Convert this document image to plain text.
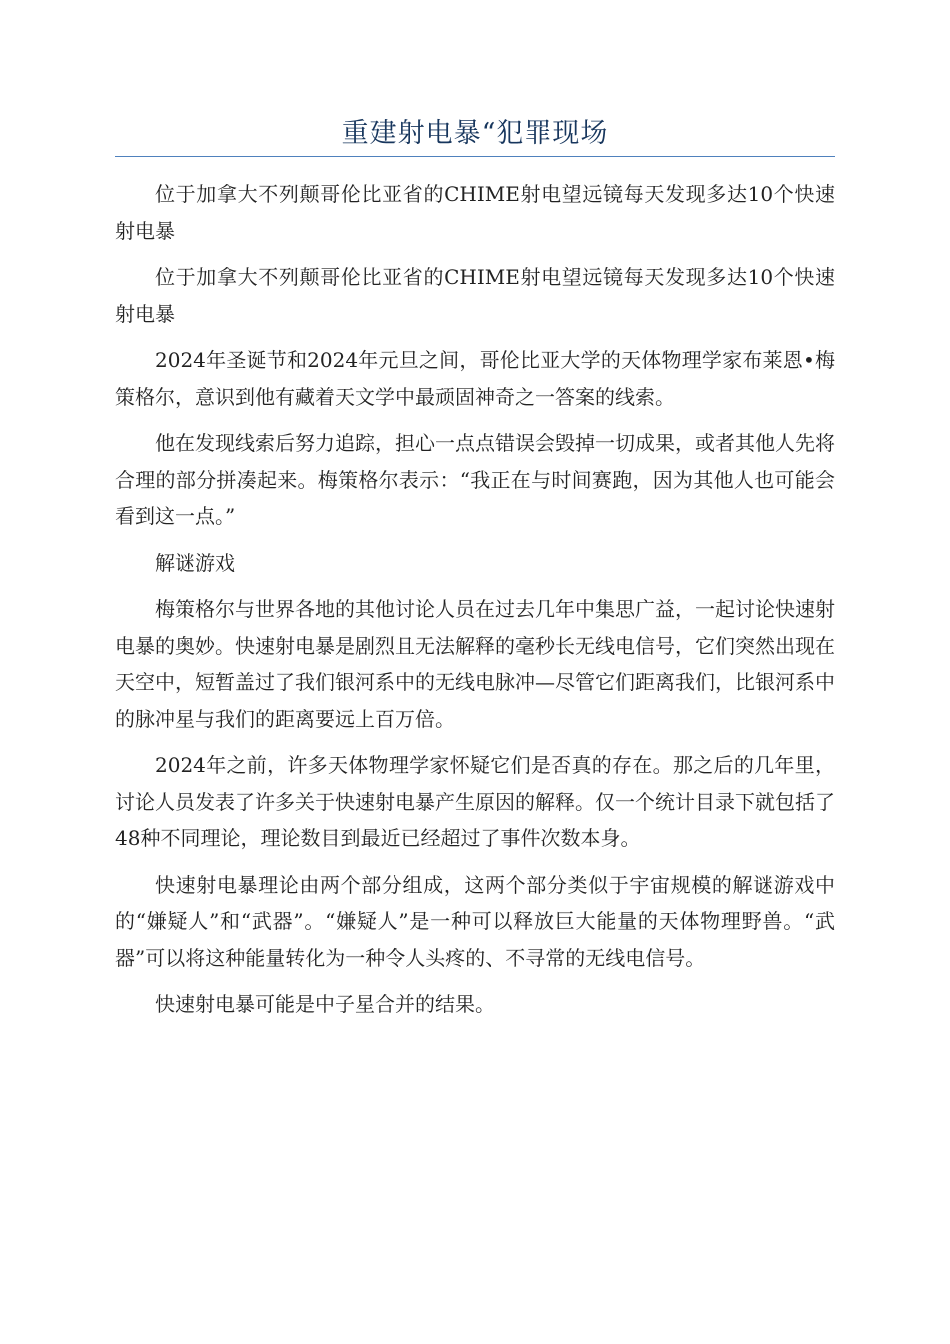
重建射电暴“犯罪现场

位于加拿大不列颠哥伦比亚省的CHIME射电望远镜每天发现多达10个快速射电暴

位于加拿大不列颠哥伦比亚省的CHIME射电望远镜每天发现多达10个快速射电暴

2024年圣诞节和2024年元旦之间，哥伦比亚大学的天体物理学家布莱恩•梅策格尔，意识到他有藏着天文学中最顽固神奇之一答案的线索。

他在发现线索后努力追踪，担心一点点错误会毁掉一切成果，或者其他人先将合理的部分拼凑起来。梅策格尔表示：“我正在与时间赛跑，因为其他人也可能会看到这一点。”

解谜游戏

梅策格尔与世界各地的其他讨论人员在过去几年中集思广益，一起讨论快速射电暴的奥妙。快速射电暴是剧烈且无法解释的毫秒长无线电信号，它们突然出现在天空中，短暂盖过了我们银河系中的无线电脉冲—尽管它们距离我们，比银河系中的脉冲星与我们的距离要远上百万倍。

2024年之前，许多天体物理学家怀疑它们是否真的存在。那之后的几年里，讨论人员发表了许多关于快速射电暴产生原因的解释。仅一个统计目录下就包括了48种不同理论，理论数目到最近已经超过了事件次数本身。

快速射电暴理论由两个部分组成，这两个部分类似于宇宙规模的解谜游戏中的“嫌疑人”和“武器”。“嫌疑人”是一种可以释放巨大能量的天体物理野兽。“武器”可以将这种能量转化为一种令人头疼的、不寻常的无线电信号。

快速射电暴可能是中子星合并的结果。
